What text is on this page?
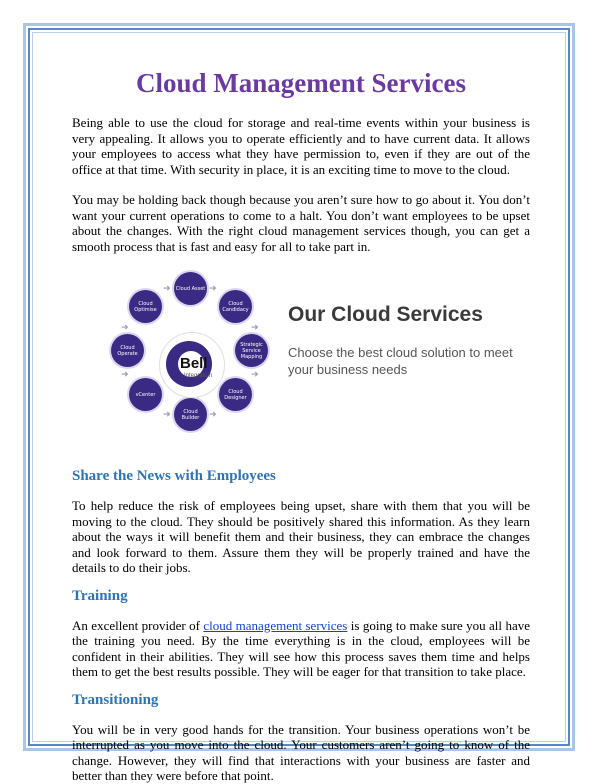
Cloud Management Services

Being able to use the cloud for storage and real-time events within your business is very appealing. It allows you to operate efficiently and to have current data. It allows your employees to access what they have permission to, even if they are out of the office at that time. With security in place, it is an exciting time to move to the cloud.

You may be holding back though because you aren’t sure how to go about it. You don’t want your current operations to come to a halt. You don’t want employees to be upset about the changes. With the right cloud management services though, you can get a smooth process that is fast and easy for all to take part in.

Cloud Asset
Cloud Candidacy
Strategic Service Mapping
Cloud Designer
Cloud Builder
vCenter
Cloud Operate
Cloud Optimise
➜
➜
➜
➜
➜
➜
➜
➜
Bell
Integration
Our Cloud Services
Choose the best cloud solution to meet your business needs
Share the News with Employees

To help reduce the risk of employees being upset, share with them that you will be moving to the cloud. They should be positively shared this information. As they learn about the ways it will benefit them and their business, they can embrace the changes and look forward to them. Assure them they will be properly trained and have the details to do their jobs.

Training

An excellent provider of cloud management services is going to make sure you all have the training you need. By the time everything is in the cloud, employees will be confident in their abilities. They will see how this process saves them time and helps them to get the best results possible. They will be eager for that transition to take place.

Transitioning

You will be in very good hands for the transition. Your business operations won’t be interrupted as you move into the cloud. Your customers aren’t going to know of the change. However, they will find that interactions with your business are faster and better than they were before that point.
